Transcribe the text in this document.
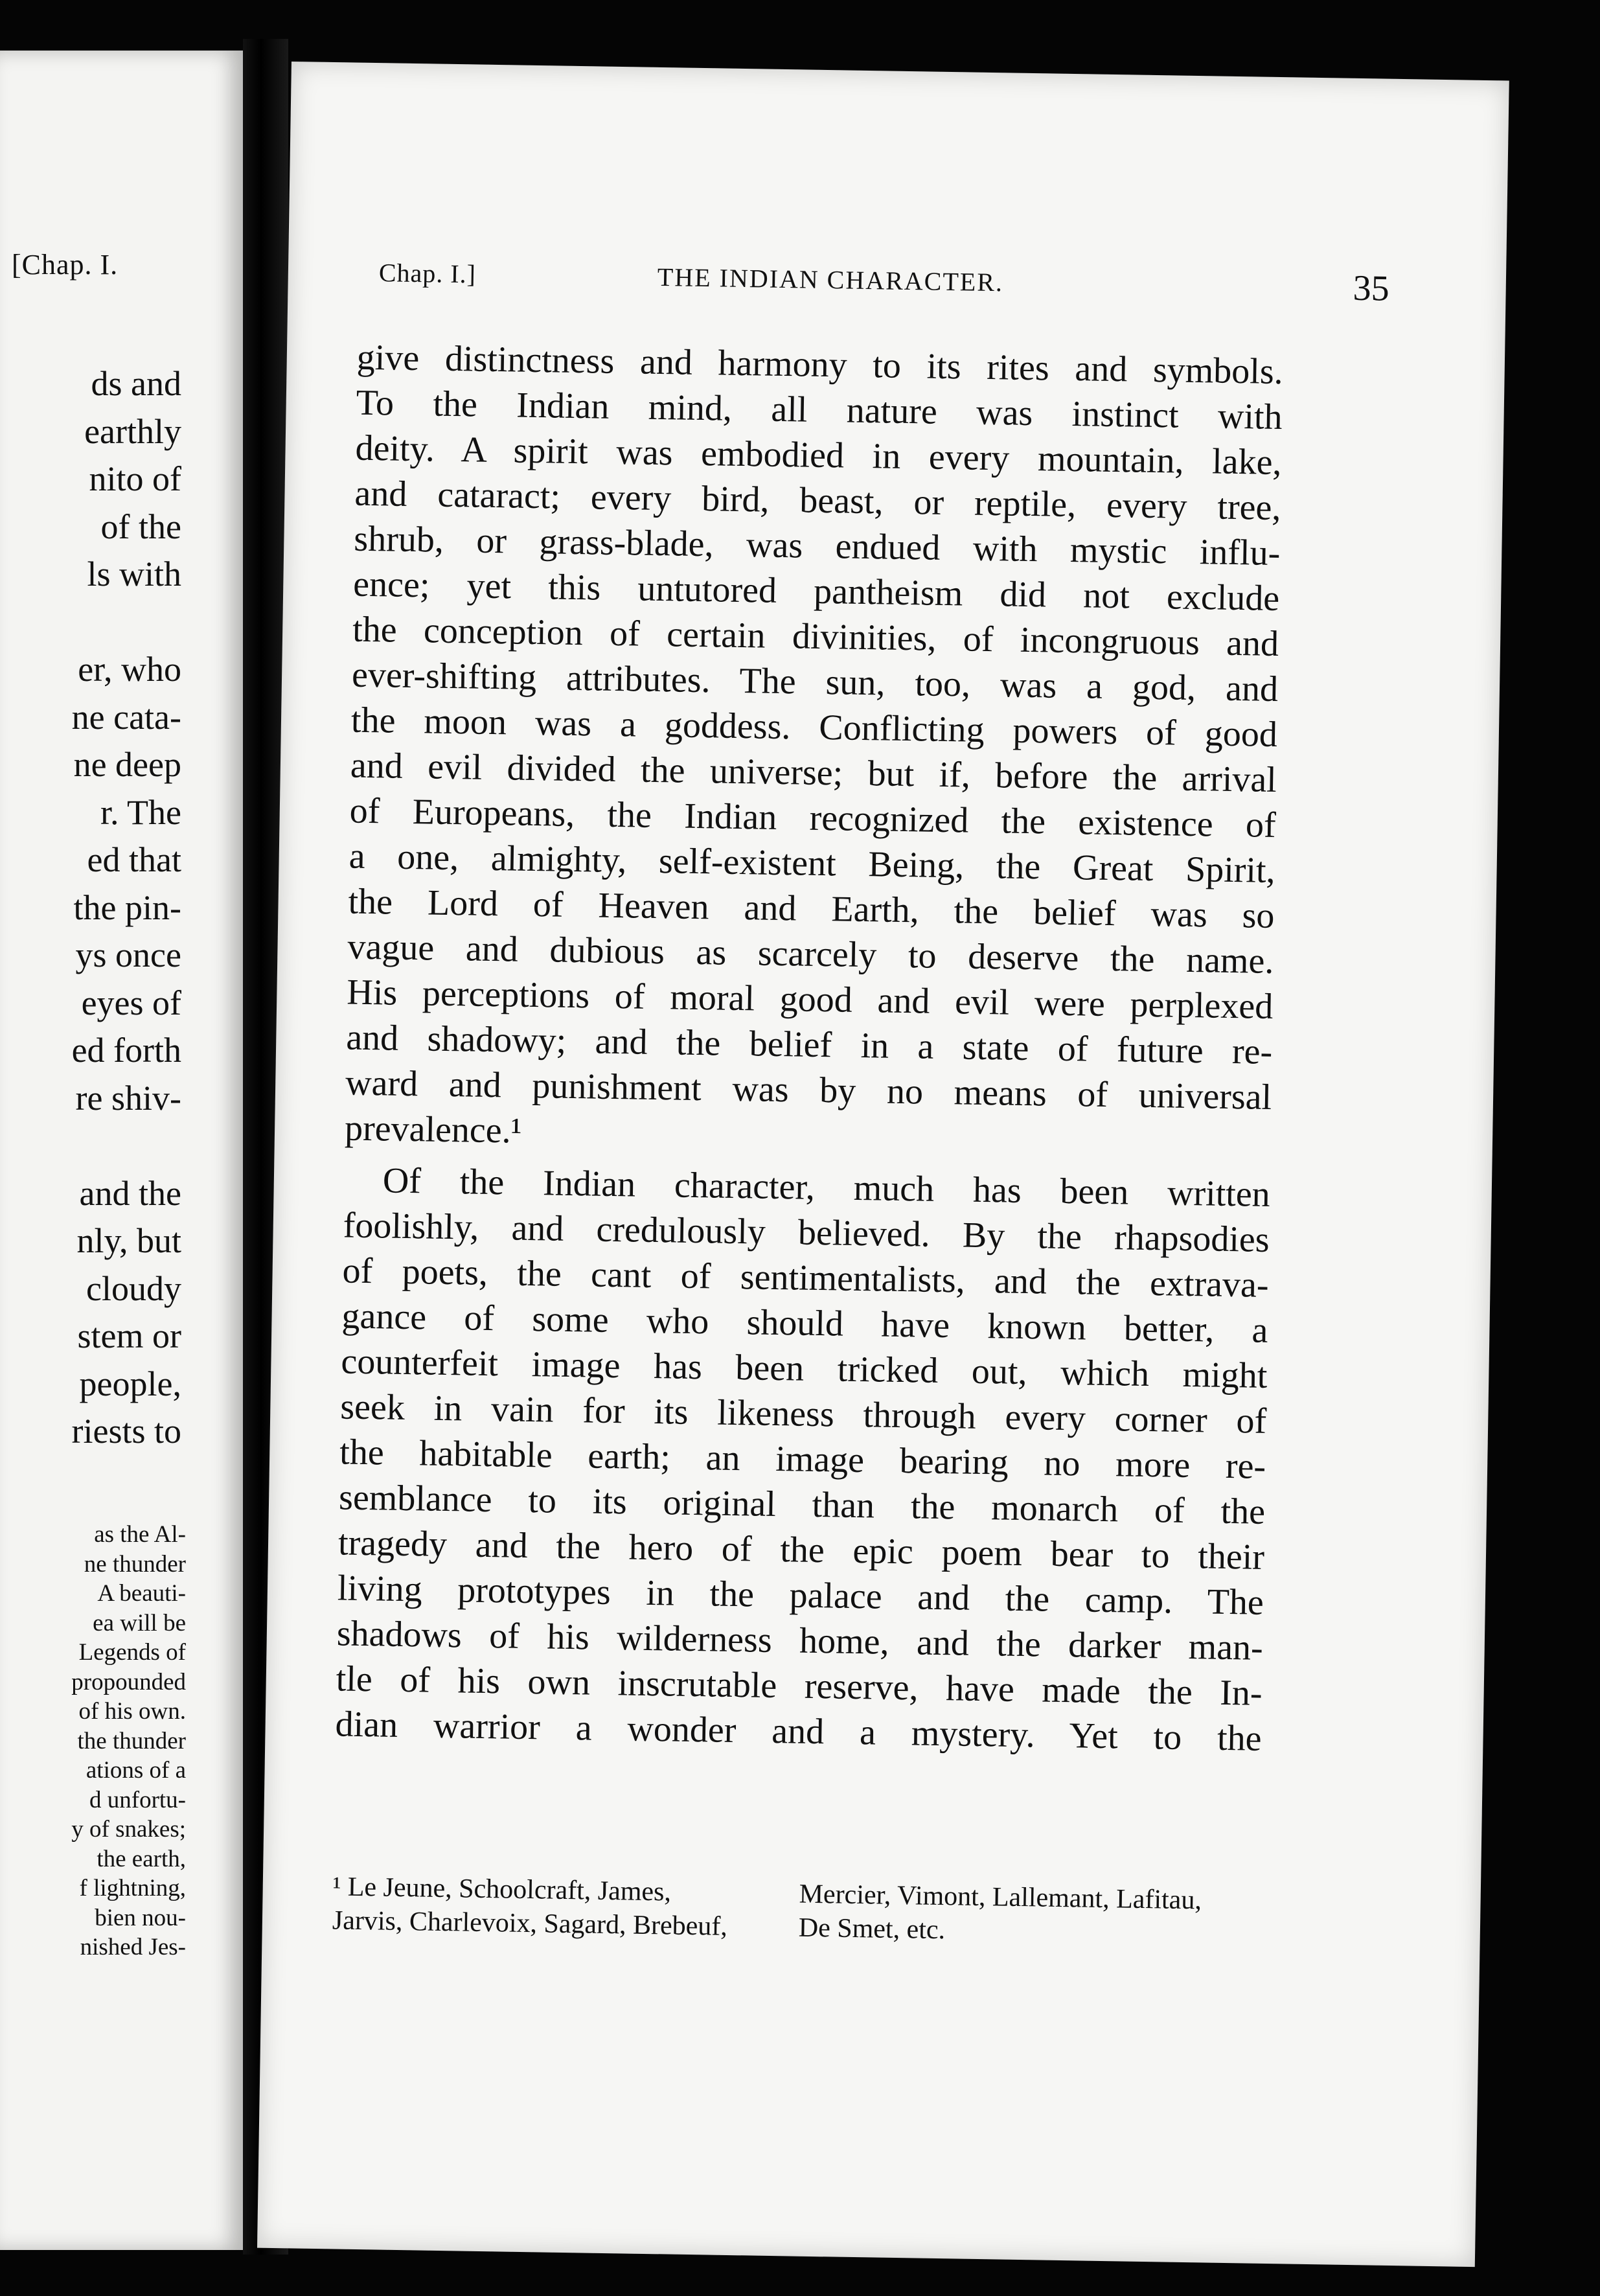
[Chap. I.
ds and
earthly
nito of
of the
ls with
er, who
ne cata-
ne deep
r. The
ed that
the pin-
ys once
eyes of
ed forth
re shiv-
and the
nly, but
cloudy
stem or
people,
riests to
as the Al-
ne thunder
A beauti-
ea will be
Legends of
propounded
of his own.
the thunder
ations of a
d unfortu-
y of snakes;
the earth,
f lightning,
bien nou-
nished Jes-
Chap. I.]	THE INDIAN CHARACTER.	35
give distinctness and harmony to its rites and symbols.
To the Indian mind, all nature was instinct with
deity. A spirit was embodied in every mountain, lake,
and cataract; every bird, beast, or reptile, every tree,
shrub, or grass-blade, was endued with mystic influ-
ence; yet this untutored pantheism did not exclude
the conception of certain divinities, of incongruous and
ever-shifting attributes. The sun, too, was a god, and
the moon was a goddess. Conflicting powers of good
and evil divided the universe; but if, before the arrival
of Europeans, the Indian recognized the existence of
a one, almighty, self-existent Being, the Great Spirit,
the Lord of Heaven and Earth, the belief was so
vague and dubious as scarcely to deserve the name.
His perceptions of moral good and evil were perplexed
and shadowy; and the belief in a state of future re-
ward and punishment was by no means of universal
prevalence.¹
Of the Indian character, much has been written
foolishly, and credulously believed. By the rhapsodies
of poets, the cant of sentimentalists, and the extrava-
gance of some who should have known better, a
counterfeit image has been tricked out, which might
seek in vain for its likeness through every corner of
the habitable earth; an image bearing no more re-
semblance to its original than the monarch of the
tragedy and the hero of the epic poem bear to their
living prototypes in the palace and the camp. The
shadows of his wilderness home, and the darker man-
tle of his own inscrutable reserve, have made the In-
dian warrior a wonder and a mystery. Yet to the
¹ Le Jeune, Schoolcraft, James,
Jarvis, Charlevoix, Sagard, Brebeuf,
Mercier, Vimont, Lallemant, Lafitau,
De Smet, etc.
